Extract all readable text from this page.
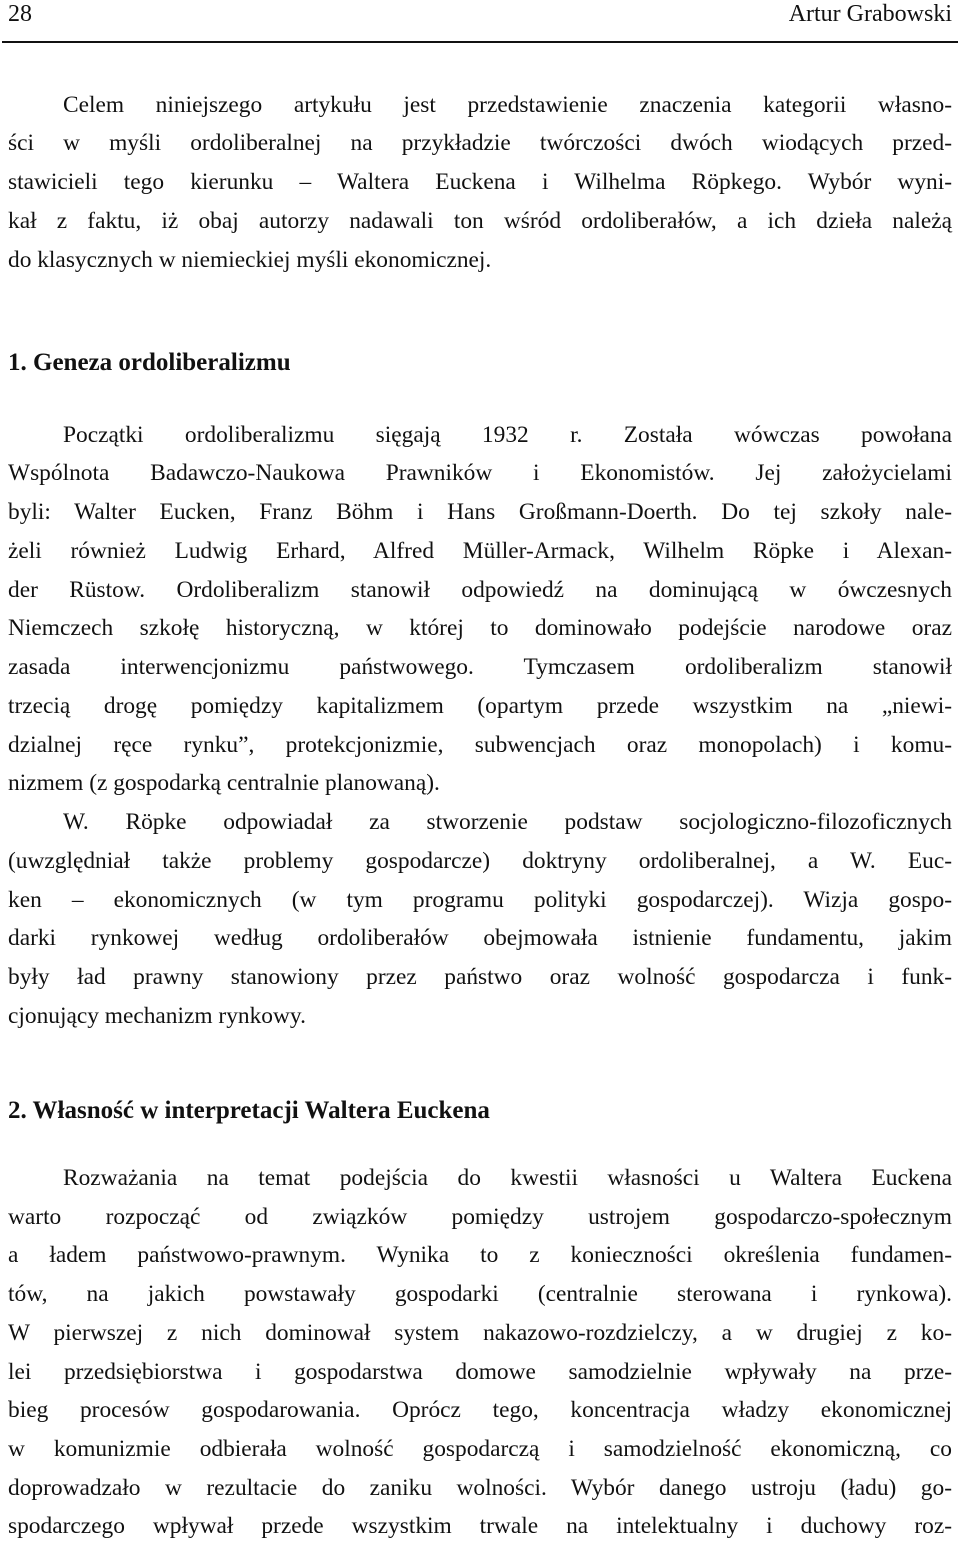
28	Artur Grabowski
Celem niniejszego artykułu jest przedstawienie znaczenia kategorii własno-
ści w myśli ordoliberalnej na przykładzie twórczości dwóch wiodących przed-
stawicieli tego kierunku – Waltera Euckena i Wilhelma Röpkego. Wybór wyni-
kał z faktu, iż obaj autorzy nadawali ton wśród ordoliberałów, a ich dzieła należą
do klasycznych w niemieckiej myśli ekonomicznej.
1. Geneza ordoliberalizmu
Początki ordoliberalizmu sięgają 1932 r. Została wówczas powołana
Wspólnota Badawczo-Naukowa Prawników i Ekonomistów. Jej założycielami
byli: Walter Eucken, Franz Böhm i Hans Großmann-Doerth. Do tej szkoły nale-
żeli również Ludwig Erhard, Alfred Müller-Armack, Wilhelm Röpke i Alexan-
der Rüstow. Ordoliberalizm stanowił odpowiedź na dominującą w ówczesnych
Niemczech szkołę historyczną, w której to dominowało podejście narodowe oraz
zasada interwencjonizmu państwowego. Tymczasem ordoliberalizm stanowił
trzecią drogę pomiędzy kapitalizmem (opartym przede wszystkim na „niewi-
dzialnej ręce rynku”, protekcjonizmie, subwencjach oraz monopolach) i komu-
nizmem (z gospodarką centralnie planowaną).
W. Röpke odpowiadał za stworzenie podstaw socjologiczno-filozoficznych
(uwzględniał także problemy gospodarcze) doktryny ordoliberalnej, a W. Euc-
ken – ekonomicznych (w tym programu polityki gospodarczej). Wizja gospo-
darki rynkowej według ordoliberałów obejmowała istnienie fundamentu, jakim
były ład prawny stanowiony przez państwo oraz wolność gospodarcza i funk-
cjonujący mechanizm rynkowy.
2. Własność w interpretacji Waltera Euckena
Rozważania na temat podejścia do kwestii własności u Waltera Euckena
warto rozpocząć od związków pomiędzy ustrojem gospodarczo-społecznym
a ładem państwowo-prawnym. Wynika to z konieczności określenia fundamen-
tów, na jakich powstawały gospodarki (centralnie sterowana i rynkowa).
W pierwszej z nich dominował system nakazowo-rozdzielczy, a w drugiej z ko-
lei przedsiębiorstwa i gospodarstwa domowe samodzielnie wpływały na prze-
bieg procesów gospodarowania. Oprócz tego, koncentracja władzy ekonomicznej
w komunizmie odbierała wolność gospodarczą i samodzielność ekonomiczną, co
doprowadzało w rezultacie do zaniku wolności. Wybór danego ustroju (ładu) go-
spodarczego wpływał przede wszystkim trwale na intelektualny i duchowy roz-
